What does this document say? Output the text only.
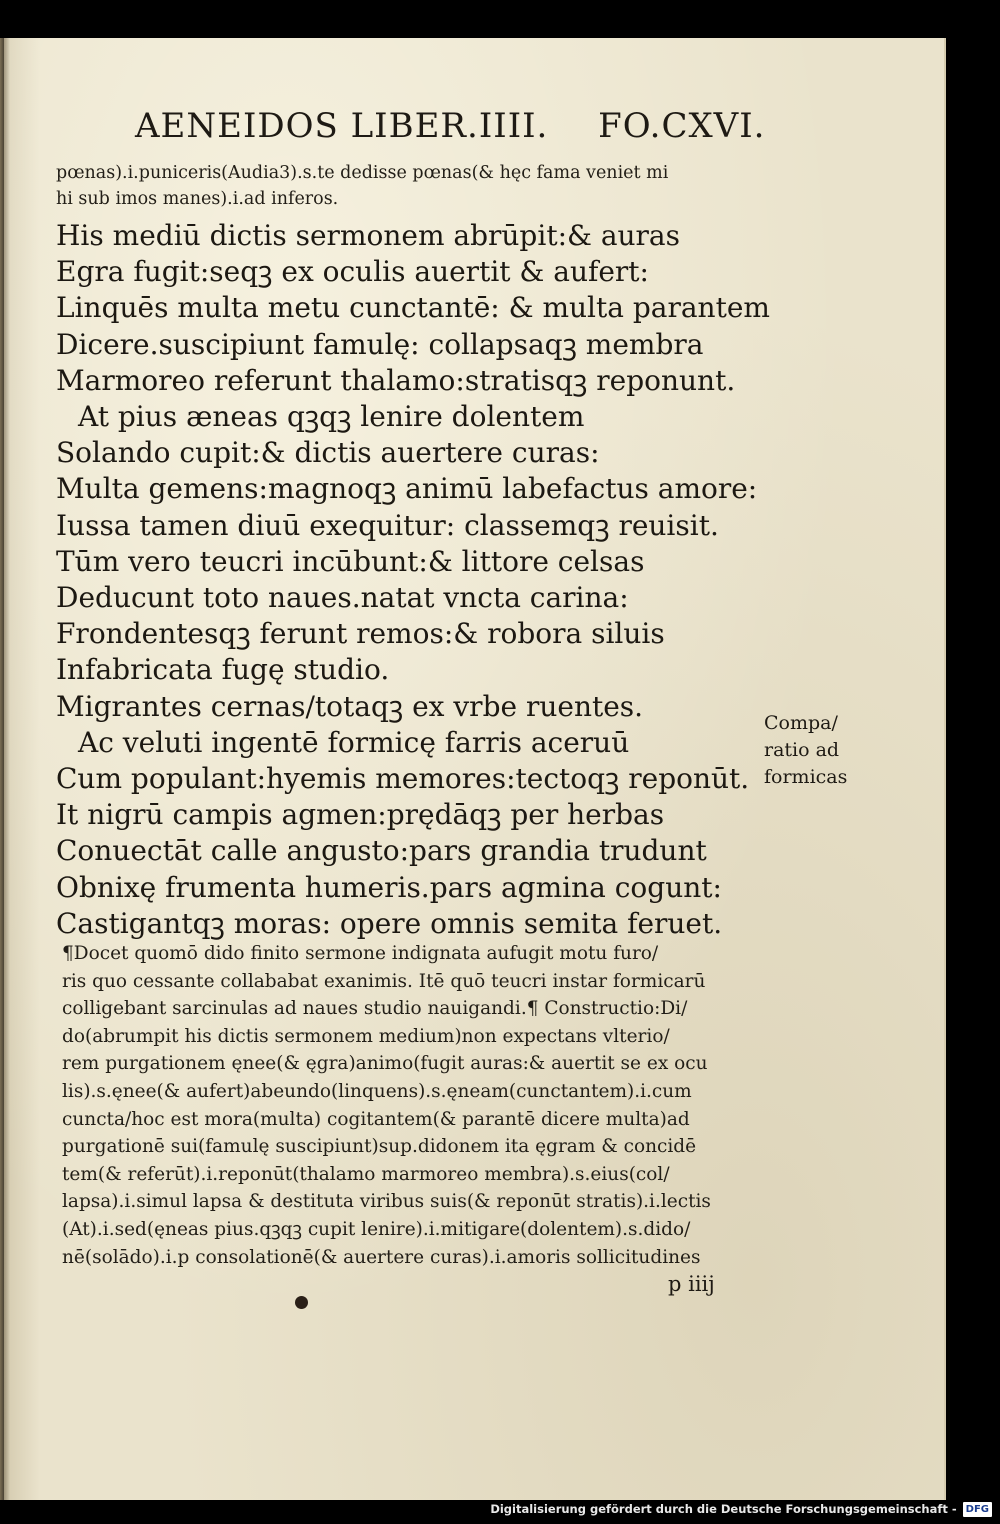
AENEIDOS LIBER.IIII. FO.CXVI.
pœnas).i.puniceris(Audia3).s.te dedisse pœnas(& hęc fama veniet mi
hi sub imos manes).i.ad inferos.
His mediū dictis sermonem abrūpit:& auras
Egra fugit:seqꝫ ex oculis auertit & aufert:
Linquēs multa metu cunctantē: & multa parantem
Dicere.suscipiunt famulę: collapsaqꝫ membra
Marmoreo referunt thalamo:stratisqꝫ reponunt.
At pius æneas qꝫqꝫ lenire dolentem
Solando cupit:& dictis auertere curas:
Multa gemens:magnoqꝫ animū labefactus amore:
Iussa tamen diuū exequitur: classemqꝫ reuisit.
Tūm vero teucri incūbunt:& littore celsas
Deducunt toto naues.natat vncta carina:
Frondentesqꝫ ferunt remos:& robora siluis
Infabricata fugę studio.
Migrantes cernas/totaqꝫ ex vrbe ruentes.
Ac veluti ingentē formicę farris aceruū
Cum populant:hyemis memores:tectoqꝫ reponūt.
It nigrū campis agmen:prędāqꝫ per herbas
Conuectāt calle angusto:pars grandia trudunt
Obnixę frumenta humeris.pars agmina cogunt:
Castigantqꝫ moras: opere omnis semita feruet.
Compa/
ratio ad
formicas
¶Docet quomō dido finito sermone indignata aufugit motu furo/
ris quo cessante collababat exanimis. Itē quō teucri instar formicarū
colligebant sarcinulas ad naues studio nauigandi.¶ Constructio:Di/
do(abrumpit his dictis sermonem medium)non expectans vlterio/
rem purgationem ęnee(& ęgra)animo(fugit auras:& auertit se ex ocu
lis).s.ęnee(& aufert)abeundo(linquens).s.ęneam(cunctantem).i.cum
cuncta/hoc est mora(multa) cogitantem(& parantē dicere multa)ad
purgationē sui(famulę suscipiunt)sup.didonem ita ęgram & concidē
tem(& referūt).i.reponūt(thalamo marmoreo membra).s.eius(col/
lapsa).i.simul lapsa & destituta viribus suis(& reponūt stratis).i.lectis
(At).i.sed(ęneas pius.qꝫqꝫ cupit lenire).i.mitigare(dolentem).s.dido/
nē(solādo).i.p consolationē(& auertere curas).i.amoris sollicitudines
p iiij
Digitalisierung gefördert durch die Deutsche Forschungsgemeinschaft - DFG
